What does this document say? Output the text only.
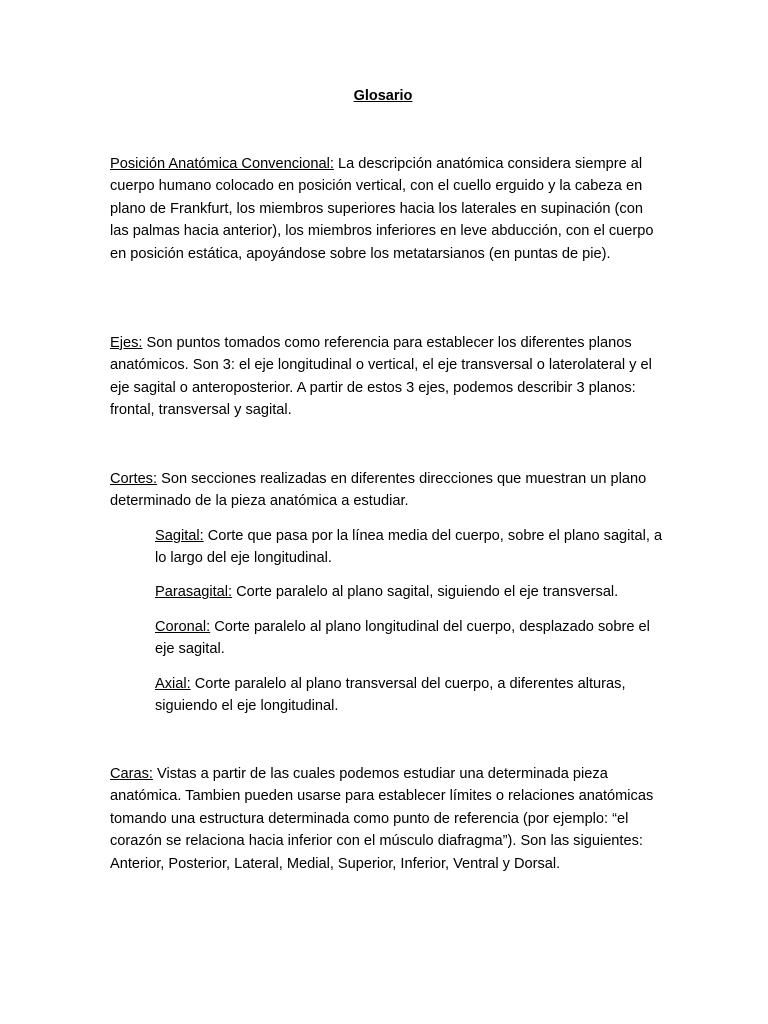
Glosario

Posición Anatómica Convencional: La descripción anatómica considera siempre al cuerpo humano colocado en posición vertical, con el cuello erguido y la cabeza en plano de Frankfurt, los miembros superiores hacia los laterales en supinación (con las palmas hacia anterior), los miembros inferiores en leve abducción, con el cuerpo en posición estática, apoyándose sobre los metatarsianos (en puntas de pie).

Ejes: Son puntos tomados como referencia para establecer los diferentes planos anatómicos. Son 3: el eje longitudinal o vertical, el eje transversal o laterolateral y el eje sagital o anteroposterior. A partir de estos 3 ejes, podemos describir 3 planos: frontal, transversal y sagital.

Cortes: Son secciones realizadas en diferentes direcciones que muestran un plano determinado de la pieza anatómica a estudiar.

Sagital: Corte que pasa por la línea media del cuerpo, sobre el plano sagital, a lo largo del eje longitudinal.

Parasagital: Corte paralelo al plano sagital, siguiendo el eje transversal.

Coronal: Corte paralelo al plano longitudinal del cuerpo, desplazado sobre el eje sagital.

Axial: Corte paralelo al plano transversal del cuerpo, a diferentes alturas, siguiendo el eje longitudinal.

Caras: Vistas a partir de las cuales podemos estudiar una determinada pieza anatómica. Tambien pueden usarse para establecer límites o relaciones anatómicas tomando una estructura determinada como punto de referencia (por ejemplo: “el corazón se relaciona hacia inferior con el músculo diafragma”). Son las siguientes: Anterior, Posterior, Lateral, Medial, Superior, Inferior, Ventral y Dorsal.
